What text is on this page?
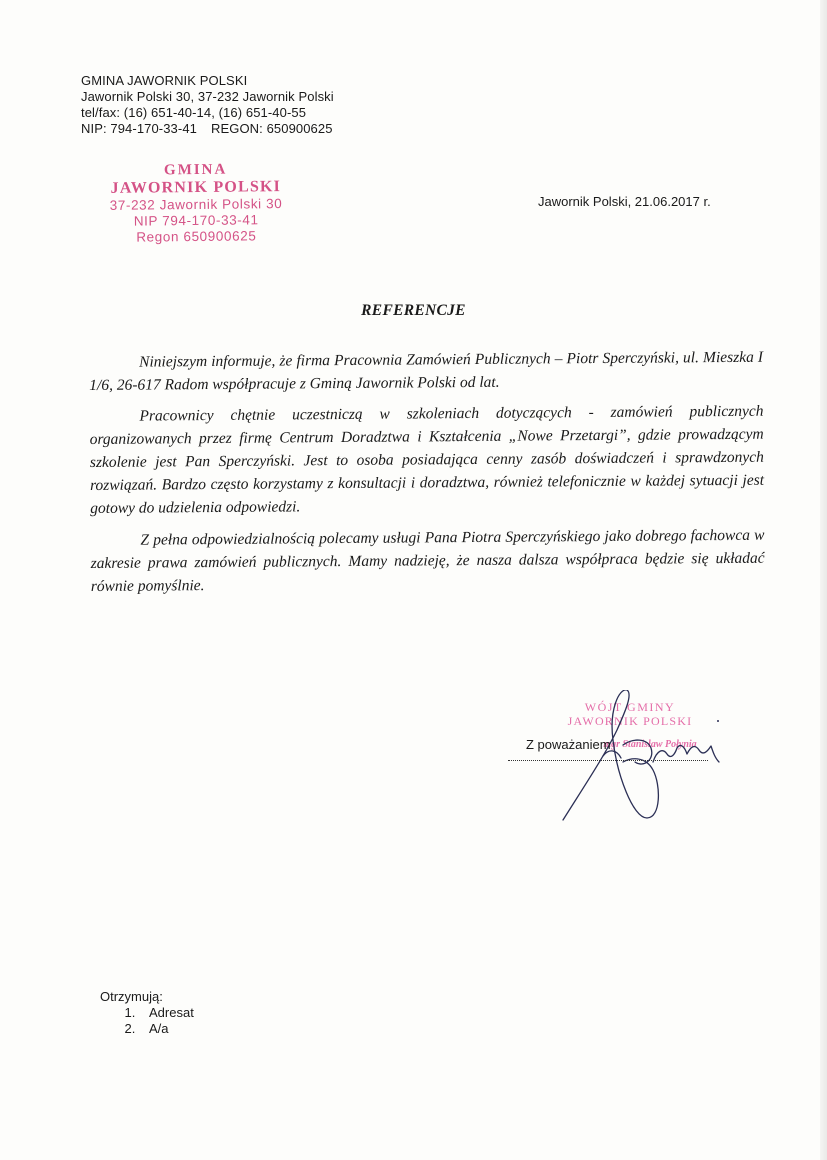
GMINA JAWORNIK POLSKI
Jawornik Polski 30, 37-232 Jawornik Polski
tel/fax: (16) 651-40-14, (16) 651-40-55
NIP: 794-170-33-41 REGON: 650900625
GMINA
JAWORNIK POLSKI
37-232 Jawornik Polski 30
NIP 794-170-33-41
Regon 650900625
Jawornik Polski, 21.06.2017 r.
REFERENCJE

Niniejszym informuje, że firma Pracownia Zamówień Publicznych – Piotr Sperczyński, ul. Mieszka I 1/6, 26-617 Radom współpracuje z Gminą Jawornik Polski od lat.

Pracownicy chętnie uczestniczą w szkoleniach dotyczących - zamówień publicznych organizowanych przez firmę Centrum Doradztwa i Kształcenia „Nowe Przetargi”, gdzie prowadzącym szkolenie jest Pan Sperczyński. Jest to osoba posiadająca cenny zasób doświadczeń i sprawdzonych rozwiązań. Bardzo często korzystamy z konsultacji i doradztwa, również telefonicznie w każdej sytuacji jest gotowy do udzielenia odpowiedzi.

Z pełna odpowiedzialnością polecamy usługi Pana Piotra Sperczyńskiego jako dobrego fachowca w zakresie prawa zamówień publicznych. Mamy nadzieję, że nasza dalsza współpraca będzie się układać równie pomyślnie.

WÓJT GMINY
JAWORNIK POLSKI
mgr Stanisław Połynia
Z poważaniem
Otrzymują:
1. Adresat
2. A/a
